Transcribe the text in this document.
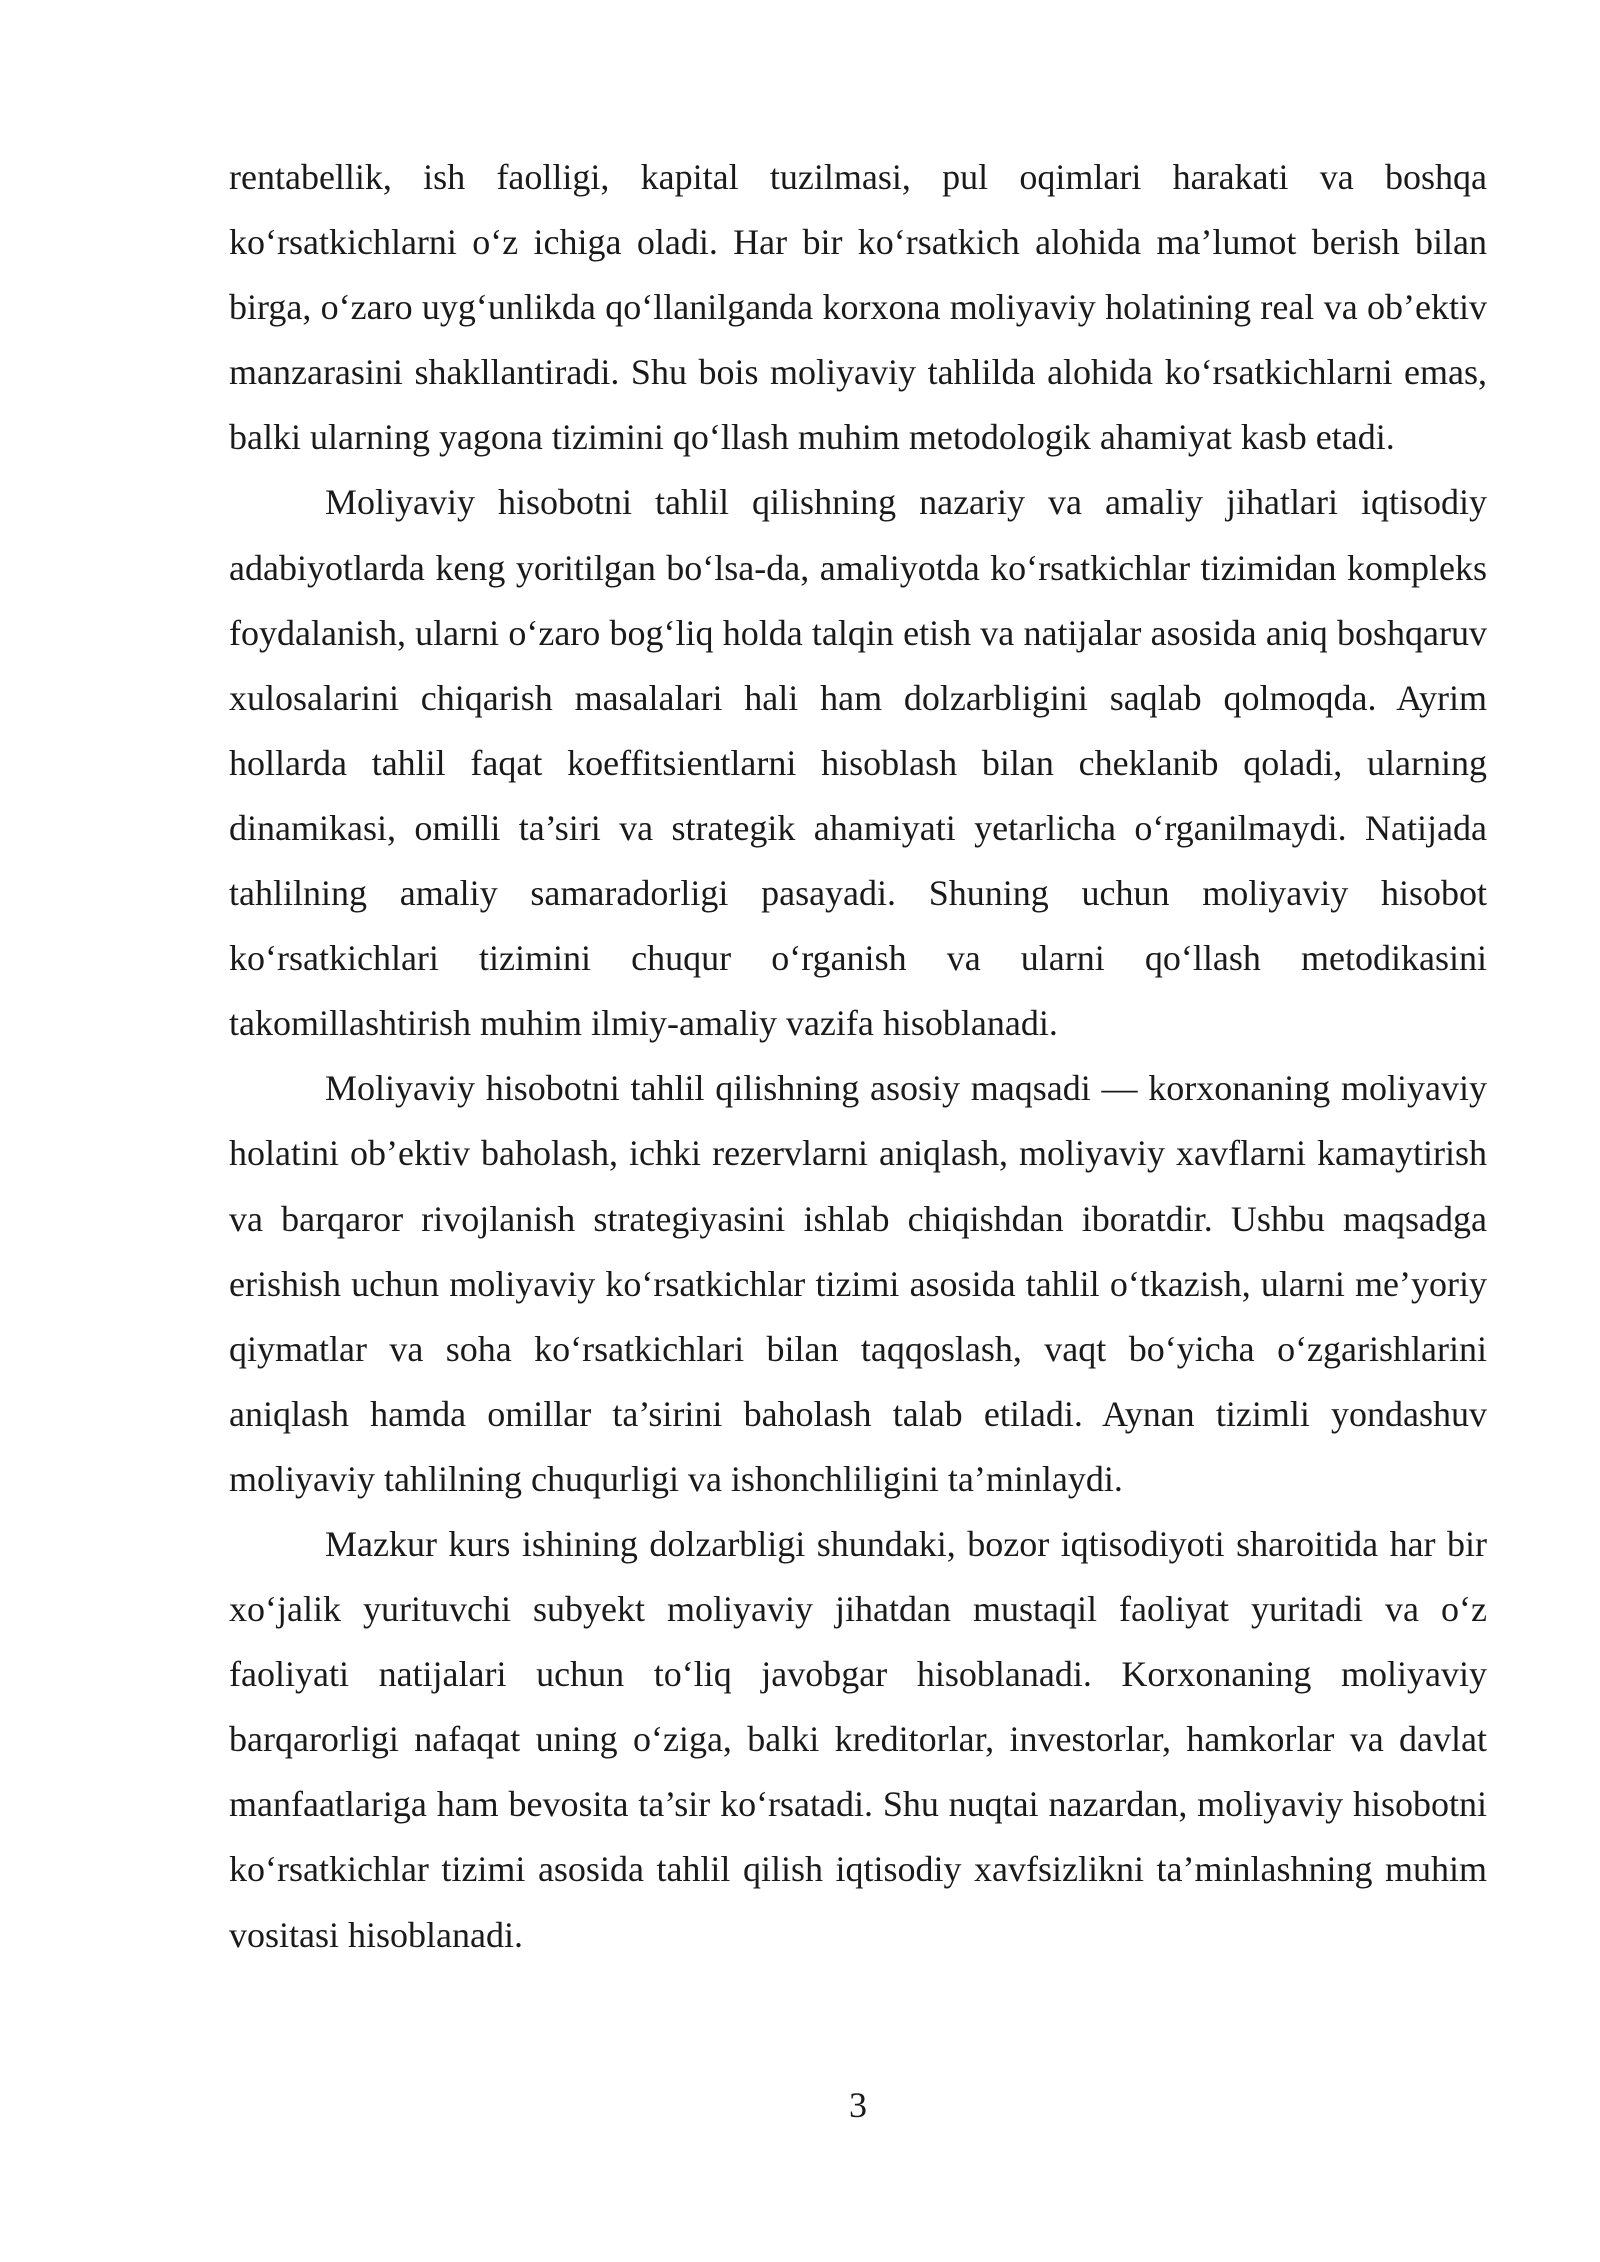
rentabellik, ish faolligi, kapital tuzilmasi, pul oqimlari harakati va boshqa ko‘rsatkichlarni o‘z ichiga oladi. Har bir ko‘rsatkich alohida ma’lumot berish bilan birga, o‘zaro uyg‘unlikda qo‘llanilganda korxona moliyaviy holatining real va ob’ektiv manzarasini shakllantiradi. Shu bois moliyaviy tahlilda alohida ko‘rsatkichlarni emas, balki ularning yagona tizimini qo‘llash muhim metodologik ahamiyat kasb etadi.

Moliyaviy hisobotni tahlil qilishning nazariy va amaliy jihatlari iqtisodiy adabiyotlarda keng yoritilgan bo‘lsa-da, amaliyotda ko‘rsatkichlar tizimidan kompleks foydalanish, ularni o‘zaro bog‘liq holda talqin etish va natijalar asosida aniq boshqaruv xulosalarini chiqarish masalalari hali ham dolzarbligini saqlab qolmoqda. Ayrim hollarda tahlil faqat koeffitsientlarni hisoblash bilan cheklanib qoladi, ularning dinamikasi, omilli ta’siri va strategik ahamiyati yetarlicha o‘rganilmaydi. Natijada tahlilning amaliy samaradorligi pasayadi. Shuning uchun moliyaviy hisobot ko‘rsatkichlari tizimini chuqur o‘rganish va ularni qo‘llash metodikasini takomillashtirish muhim ilmiy-amaliy vazifa hisoblanadi.

Moliyaviy hisobotni tahlil qilishning asosiy maqsadi — korxonaning moliyaviy holatini ob’ektiv baholash, ichki rezervlarni aniqlash, moliyaviy xavflarni kamaytirish va barqaror rivojlanish strategiyasini ishlab chiqishdan iboratdir. Ushbu maqsadga erishish uchun moliyaviy ko‘rsatkichlar tizimi asosida tahlil o‘tkazish, ularni me’yoriy qiymatlar va soha ko‘rsatkichlari bilan taqqoslash, vaqt bo‘yicha o‘zgarishlarini aniqlash hamda omillar ta’sirini baholash talab etiladi. Aynan tizimli yondashuv moliyaviy tahlilning chuqurligi va ishonchliligini ta’minlaydi.

Mazkur kurs ishining dolzarbligi shundaki, bozor iqtisodiyoti sharoitida har bir xo‘jalik yurituvchi subyekt moliyaviy jihatdan mustaqil faoliyat yuritadi va o‘z faoliyati natijalari uchun to‘liq javobgar hisoblanadi. Korxonaning moliyaviy barqarorligi nafaqat uning o‘ziga, balki kreditorlar, investorlar, hamkorlar va davlat manfaatlariga ham bevosita ta’sir ko‘rsatadi. Shu nuqtai nazardan, moliyaviy hisobotni ko‘rsatkichlar tizimi asosida tahlil qilish iqtisodiy xavfsizlikni ta’minlashning muhim vositasi hisoblanadi.

3
